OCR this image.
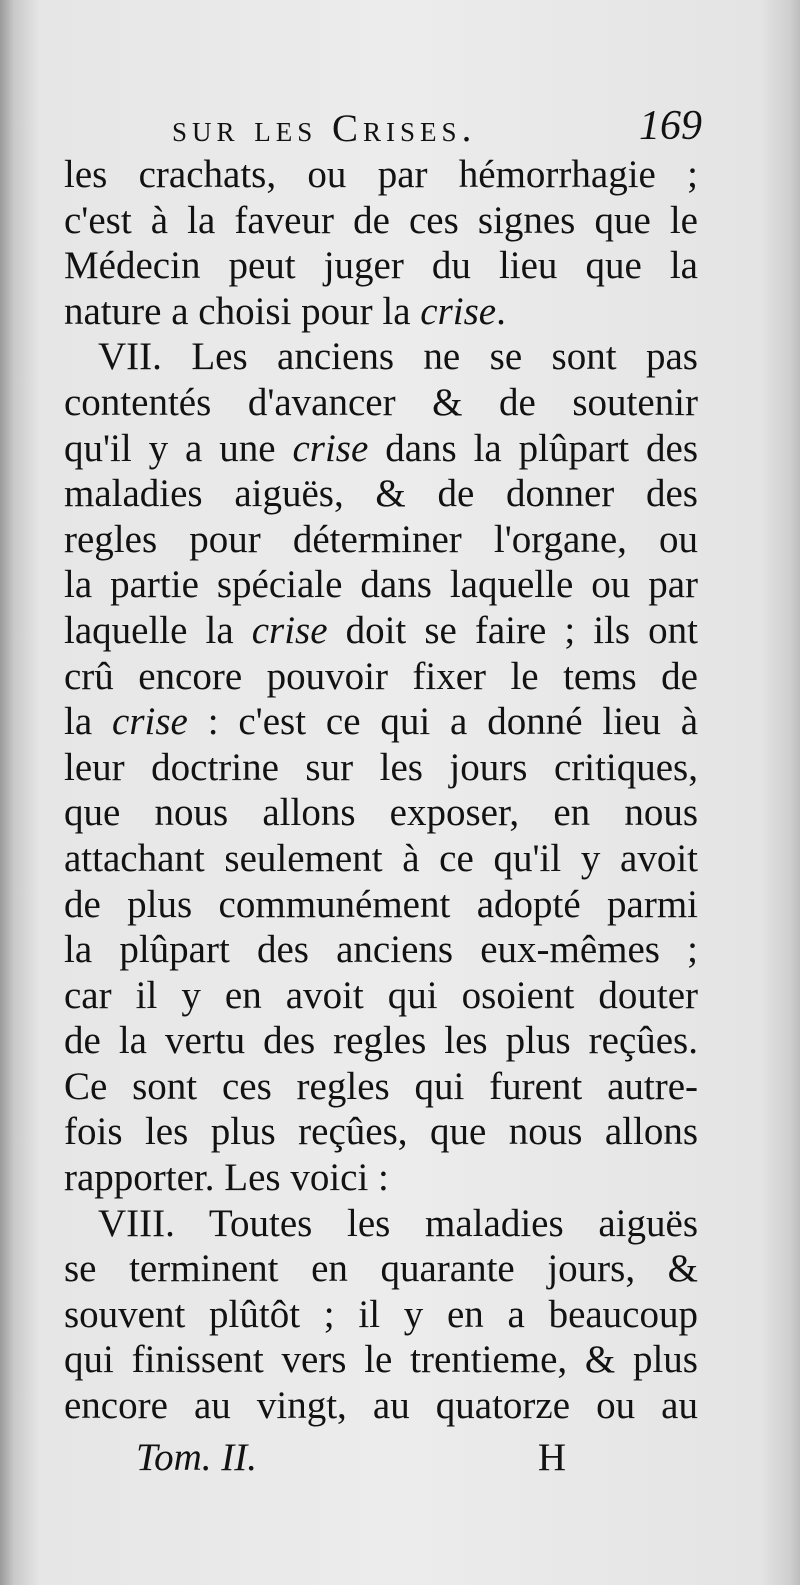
sur les Crises.	169
les crachats, ou par hémorrhagie ;
c'est à la faveur de ces signes que le
Médecin peut juger du lieu que la
nature a choisi pour la crise.
VII. Les anciens ne se sont pas
contentés d'avancer & de soutenir
qu'il y a une crise dans la plûpart des
maladies aiguës, & de donner des
regles pour déterminer l'organe, ou
la partie spéciale dans laquelle ou par
laquelle la crise doit se faire ; ils ont
crû encore pouvoir fixer le tems de
la crise : c'est ce qui a donné lieu à
leur doctrine sur les jours critiques,
que nous allons exposer, en nous
attachant seulement à ce qu'il y avoit
de plus communément adopté parmi
la plûpart des anciens eux-mêmes ;
car il y en avoit qui osoient douter
de la vertu des regles les plus reçûes.
Ce sont ces regles qui furent autre-
fois les plus reçûes, que nous allons
rapporter. Les voici :
VIII. Toutes les maladies aiguës
se terminent en quarante jours, &
souvent plûtôt ; il y en a beaucoup
qui finissent vers le trentieme, & plus
encore au vingt, au quatorze ou au
Tom. II.	H
